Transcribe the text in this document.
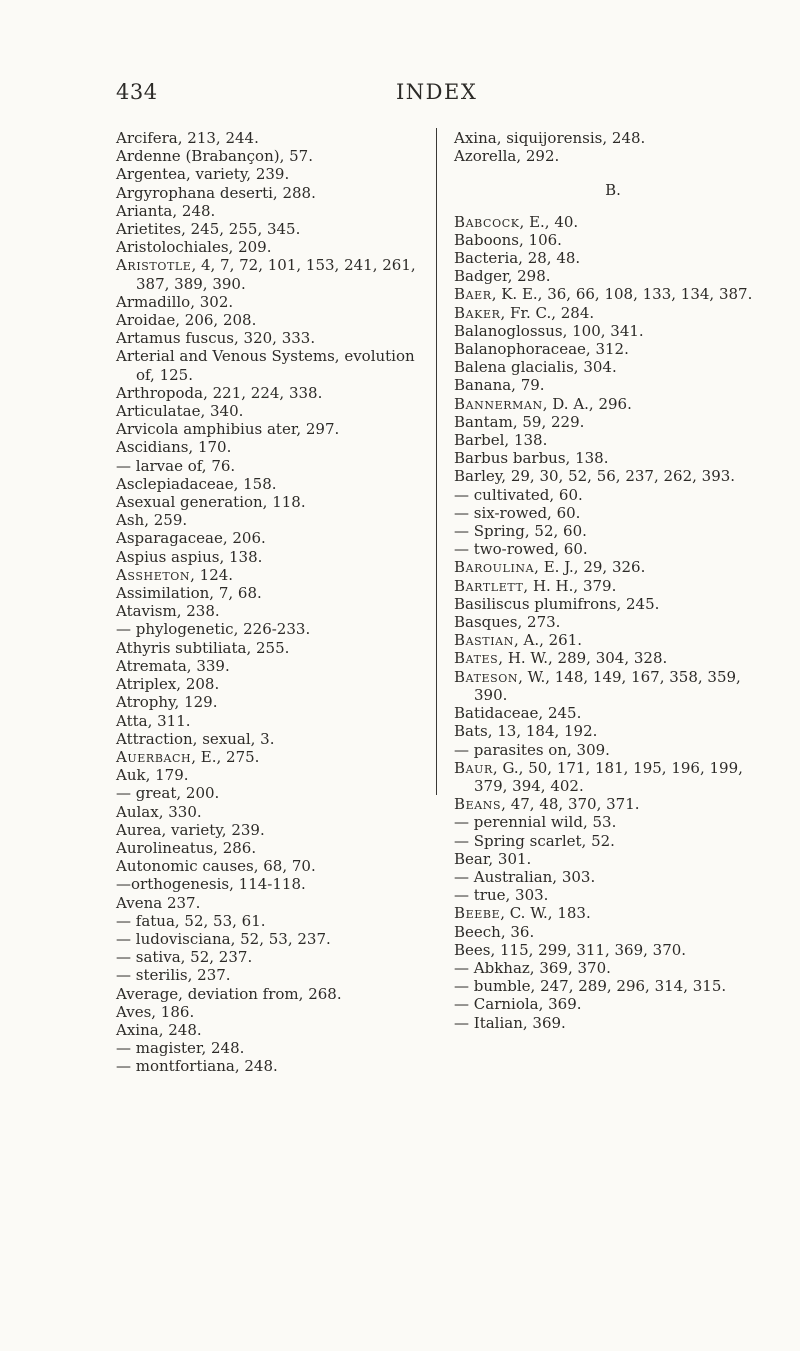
434	INDEX
Arcifera, 213, 244.
Ardenne (Brabançon), 57.
Argentea, variety, 239.
Argyrophana deserti, 288.
Arianta, 248.
Arietites, 245, 255, 345.
Aristolochiales, 209.
Aristotle, 4, 7, 72, 101, 153, 241, 261, 387, 389, 390.
Armadillo, 302.
Aroidae, 206, 208.
Artamus fuscus, 320, 333.
Arterial and Venous Systems, evolution of, 125.
Arthropoda, 221, 224, 338.
Articulatae, 340.
Arvicola amphibius ater, 297.
Ascidians, 170.
— larvae of, 76.
Asclepiadaceae, 158.
Asexual generation, 118.
Ash, 259.
Asparagaceae, 206.
Aspius aspius, 138.
Assheton, 124.
Assimilation, 7, 68.
Atavism, 238.
— phylogenetic, 226-233.
Athyris subtiliata, 255.
Atremata, 339.
Atriplex, 208.
Atrophy, 129.
Atta, 311.
Attraction, sexual, 3.
Auerbach, E., 275.
Auk, 179.
— great, 200.
Aulax, 330.
Aurea, variety, 239.
Aurolineatus, 286.
Autonomic causes, 68, 70.
—orthogenesis, 114-118.
Avena 237.
— fatua, 52, 53, 61.
— ludovisciana, 52, 53, 237.
— sativa, 52, 237.
— sterilis, 237.
Average, deviation from, 268.
Aves, 186.
Axina, 248.
— magister, 248.
— montfortiana, 248.
Axina, siquijorensis, 248.
Azorella, 292.
B.
Babcock, E., 40.
Baboons, 106.
Bacteria, 28, 48.
Badger, 298.
Baer, K. E., 36, 66, 108, 133, 134, 387.
Baker, Fr. C., 284.
Balanoglossus, 100, 341.
Balanophoraceae, 312.
Balena glacialis, 304.
Banana, 79.
Bannerman, D. A., 296.
Bantam, 59, 229.
Barbel, 138.
Barbus barbus, 138.
Barley, 29, 30, 52, 56, 237, 262, 393.
— cultivated, 60.
— six-rowed, 60.
— Spring, 52, 60.
— two-rowed, 60.
Baroulina, E. J., 29, 326.
Bartlett, H. H., 379.
Basiliscus plumifrons, 245.
Basques, 273.
Bastian, A., 261.
Bates, H. W., 289, 304, 328.
Bateson, W., 148, 149, 167, 358, 359, 390.
Batidaceae, 245.
Bats, 13, 184, 192.
— parasites on, 309.
Baur, G., 50, 171, 181, 195, 196, 199, 379, 394, 402.
Beans, 47, 48, 370, 371.
— perennial wild, 53.
— Spring scarlet, 52.
Bear, 301.
— Australian, 303.
— true, 303.
Beebe, C. W., 183.
Beech, 36.
Bees, 115, 299, 311, 369, 370.
— Abkhaz, 369, 370.
— bumble, 247, 289, 296, 314, 315.
— Carniola, 369.
— Italian, 369.
